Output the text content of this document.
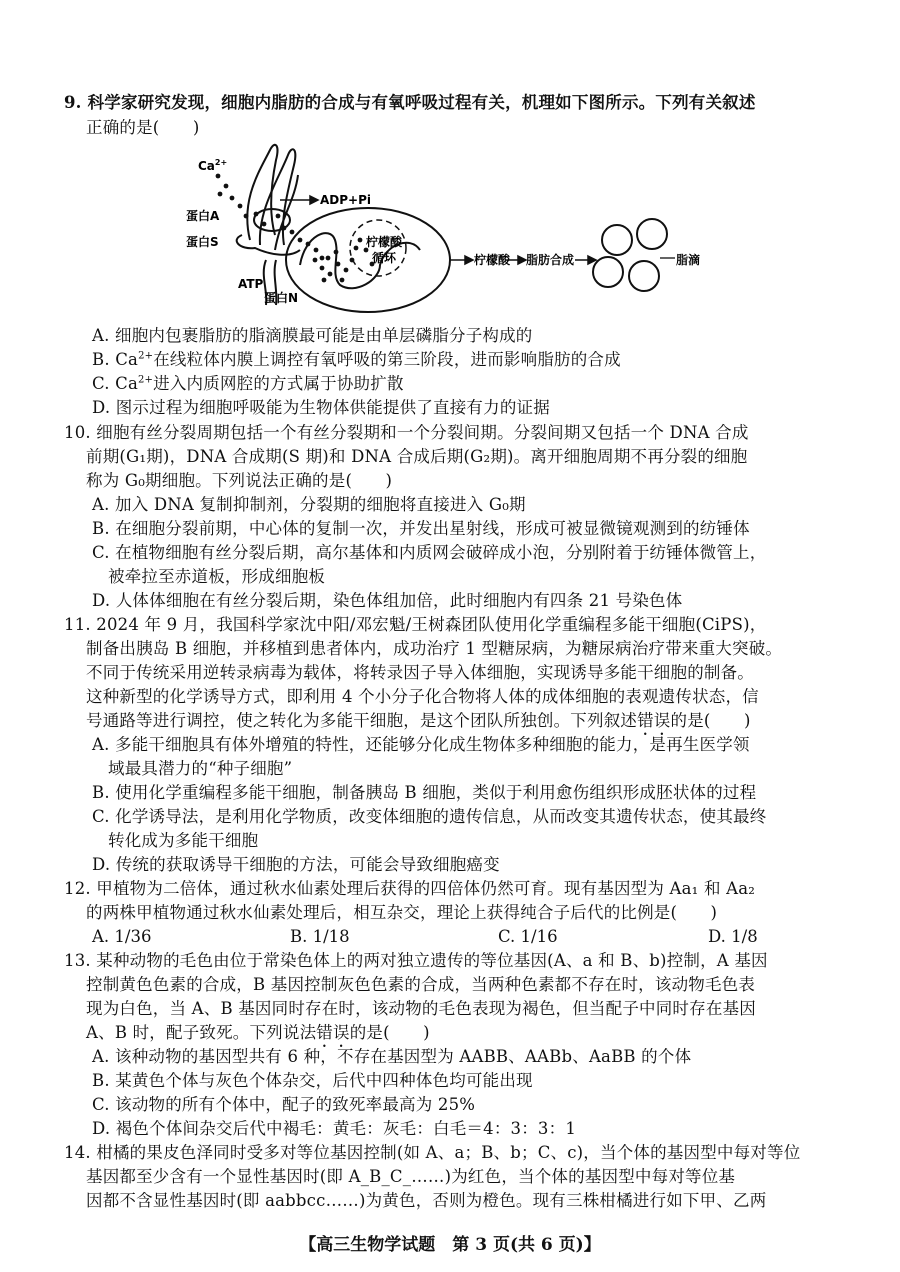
9. 科学家研究发现，细胞内脂肪的合成与有氧呼吸过程有关，机理如下图所示。下列有关叙述
正确的是(　　)
$Ca^{2+}$
ADP+Pi
蛋白A
蛋白S
ATP
蛋白N
柠檬酸
循环	柠檬酸 脂肪合成	脂滴
A. 细胞内包裹脂肪的脂滴膜最可能是由单层磷脂分子构成的
B. $Ca^{2+}$在线粒体内膜上调控有氧呼吸的第三阶段，进而影响脂肪的合成
C. $Ca^{2+}$进入内质网腔的方式属于协助扩散
D. 图示过程为细胞呼吸能为生物体供能提供了直接有力的证据
10. 细胞有丝分裂周期包括一个有丝分裂期和一个分裂间期。分裂间期又包括一个 DNA 合成
前期(G₁期)，DNA 合成期(S 期)和 DNA 合成后期(G₂期)。离开细胞周期不再分裂的细胞
称为 G₀期细胞。下列说法正确的是(　　)
A. 加入 DNA 复制抑制剂，分裂期的细胞将直接进入 G₀期
B. 在细胞分裂前期，中心体的复制一次，并发出星射线，形成可被显微镜观测到的纺锤体
C. 在植物细胞有丝分裂后期，高尔基体和内质网会破碎成小泡，分别附着于纺锤体微管上，
被牵拉至赤道板，形成细胞板
D. 人体体细胞在有丝分裂后期，染色体组加倍，此时细胞内有四条 21 号染色体
11. 2024 年 9 月，我国科学家沈中阳/邓宏魁/王树森团队使用化学重编程多能干细胞(CiPS)，
制备出胰岛 B 细胞，并移植到患者体内，成功治疗 1 型糖尿病，为糖尿病治疗带来重大突破。
不同于传统采用逆转录病毒为载体，将转录因子导入体细胞，实现诱导多能干细胞的制备。
这种新型的化学诱导方式，即利用 4 个小分子化合物将人体的成体细胞的表观遗传状态，信
号通路等进行调控，使之转化为多能干细胞，是这个团队所独创。下列叙述错误的是(　　)
A. 多能干细胞具有体外增殖的特性，还能够分化成生物体多种细胞的能力，是再生医学领
域最具潜力的“种子细胞”
B. 使用化学重编程多能干细胞，制备胰岛 B 细胞，类似于利用愈伤组织形成胚状体的过程
C. 化学诱导法，是利用化学物质，改变体细胞的遗传信息，从而改变其遗传状态，使其最终
转化成为多能干细胞
D. 传统的获取诱导干细胞的方法，可能会导致细胞癌变
12. 甲植物为二倍体，通过秋水仙素处理后获得的四倍体仍然可育。现有基因型为 Aa₁ 和 Aa₂
的两株甲植物通过秋水仙素处理后，相互杂交，理论上获得纯合子后代的比例是(　　)
A. 1/36	B. 1/18	C. 1/16	D. 1/8
13. 某种动物的毛色由位于常染色体上的两对独立遗传的等位基因(A、a 和 B、b)控制，A 基因
控制黄色色素的合成，B 基因控制灰色色素的合成，当两种色素都不存在时，该动物毛色表
现为白色，当 A、B 基因同时存在时，该动物的毛色表现为褐色，但当配子中同时存在基因
A、B 时，配子致死。下列说法错误的是(　　)
A. 该种动物的基因型共有 6 种，不存在基因型为 AABB、AABb、AaBB 的个体
B. 某黄色个体与灰色个体杂交，后代中四种体色均可能出现
C. 该动物的所有个体中，配子的致死率最高为 25%
D. 褐色个体间杂交后代中褐毛：黄毛：灰毛：白毛＝4：3：3：1
14. 柑橘的果皮色泽同时受多对等位基因控制(如 A、a；B、b；C、c)，当个体的基因型中每对等位
基因都至少含有一个显性基因时(即 A_B_C_……)为红色，当个体的基因型中每对等位基
因都不含显性基因时(即 aabbcc……)为黄色，否则为橙色。现有三株柑橘进行如下甲、乙两
【高三生物学试题　第 3 页(共 6 页)】
